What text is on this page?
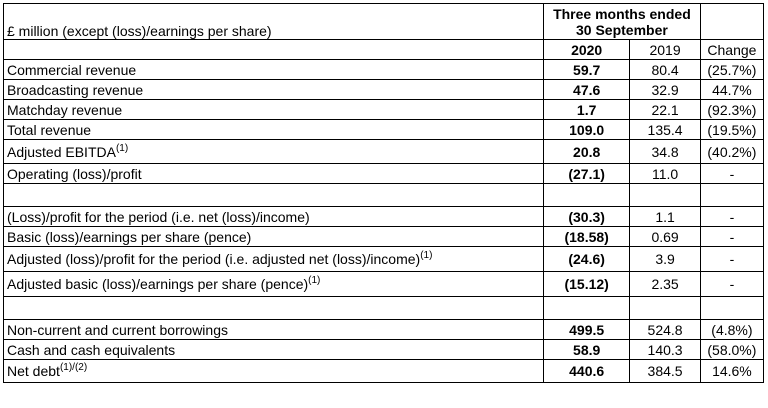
£ million (except (loss)/earnings per share)	Three months ended
30 September		

	2020	2019	Change
Commercial revenue	59.7	80.4	(25.7%)
Broadcasting revenue	47.6	32.9	44.7%
Matchday revenue	1.7	22.1	(92.3%)
Total revenue	109.0	135.4	(19.5%)
Adjusted EBITDA$^{(1)}$	20.8	34.8	(40.2%)
Operating (loss)/profit	(27.1)	11.0	-

(Loss)/profit for the period (i.e. net (loss)/income)	(30.3)	1.1	-
Basic (loss)/earnings per share (pence)	(18.58)	0.69	-
Adjusted (loss)/profit for the period (i.e. adjusted net (loss)/income)$^{(1)}$	(24.6)	3.9	-
Adjusted basic (loss)/earnings per share (pence)$^{(1)}$	(15.12)	2.35	-

Non-current and current borrowings	499.5	524.8	(4.8%)
Cash and cash equivalents	58.9	140.3	(58.0%)
Net debt$^{(1)/(2)}$	440.6	384.5	14.6%
